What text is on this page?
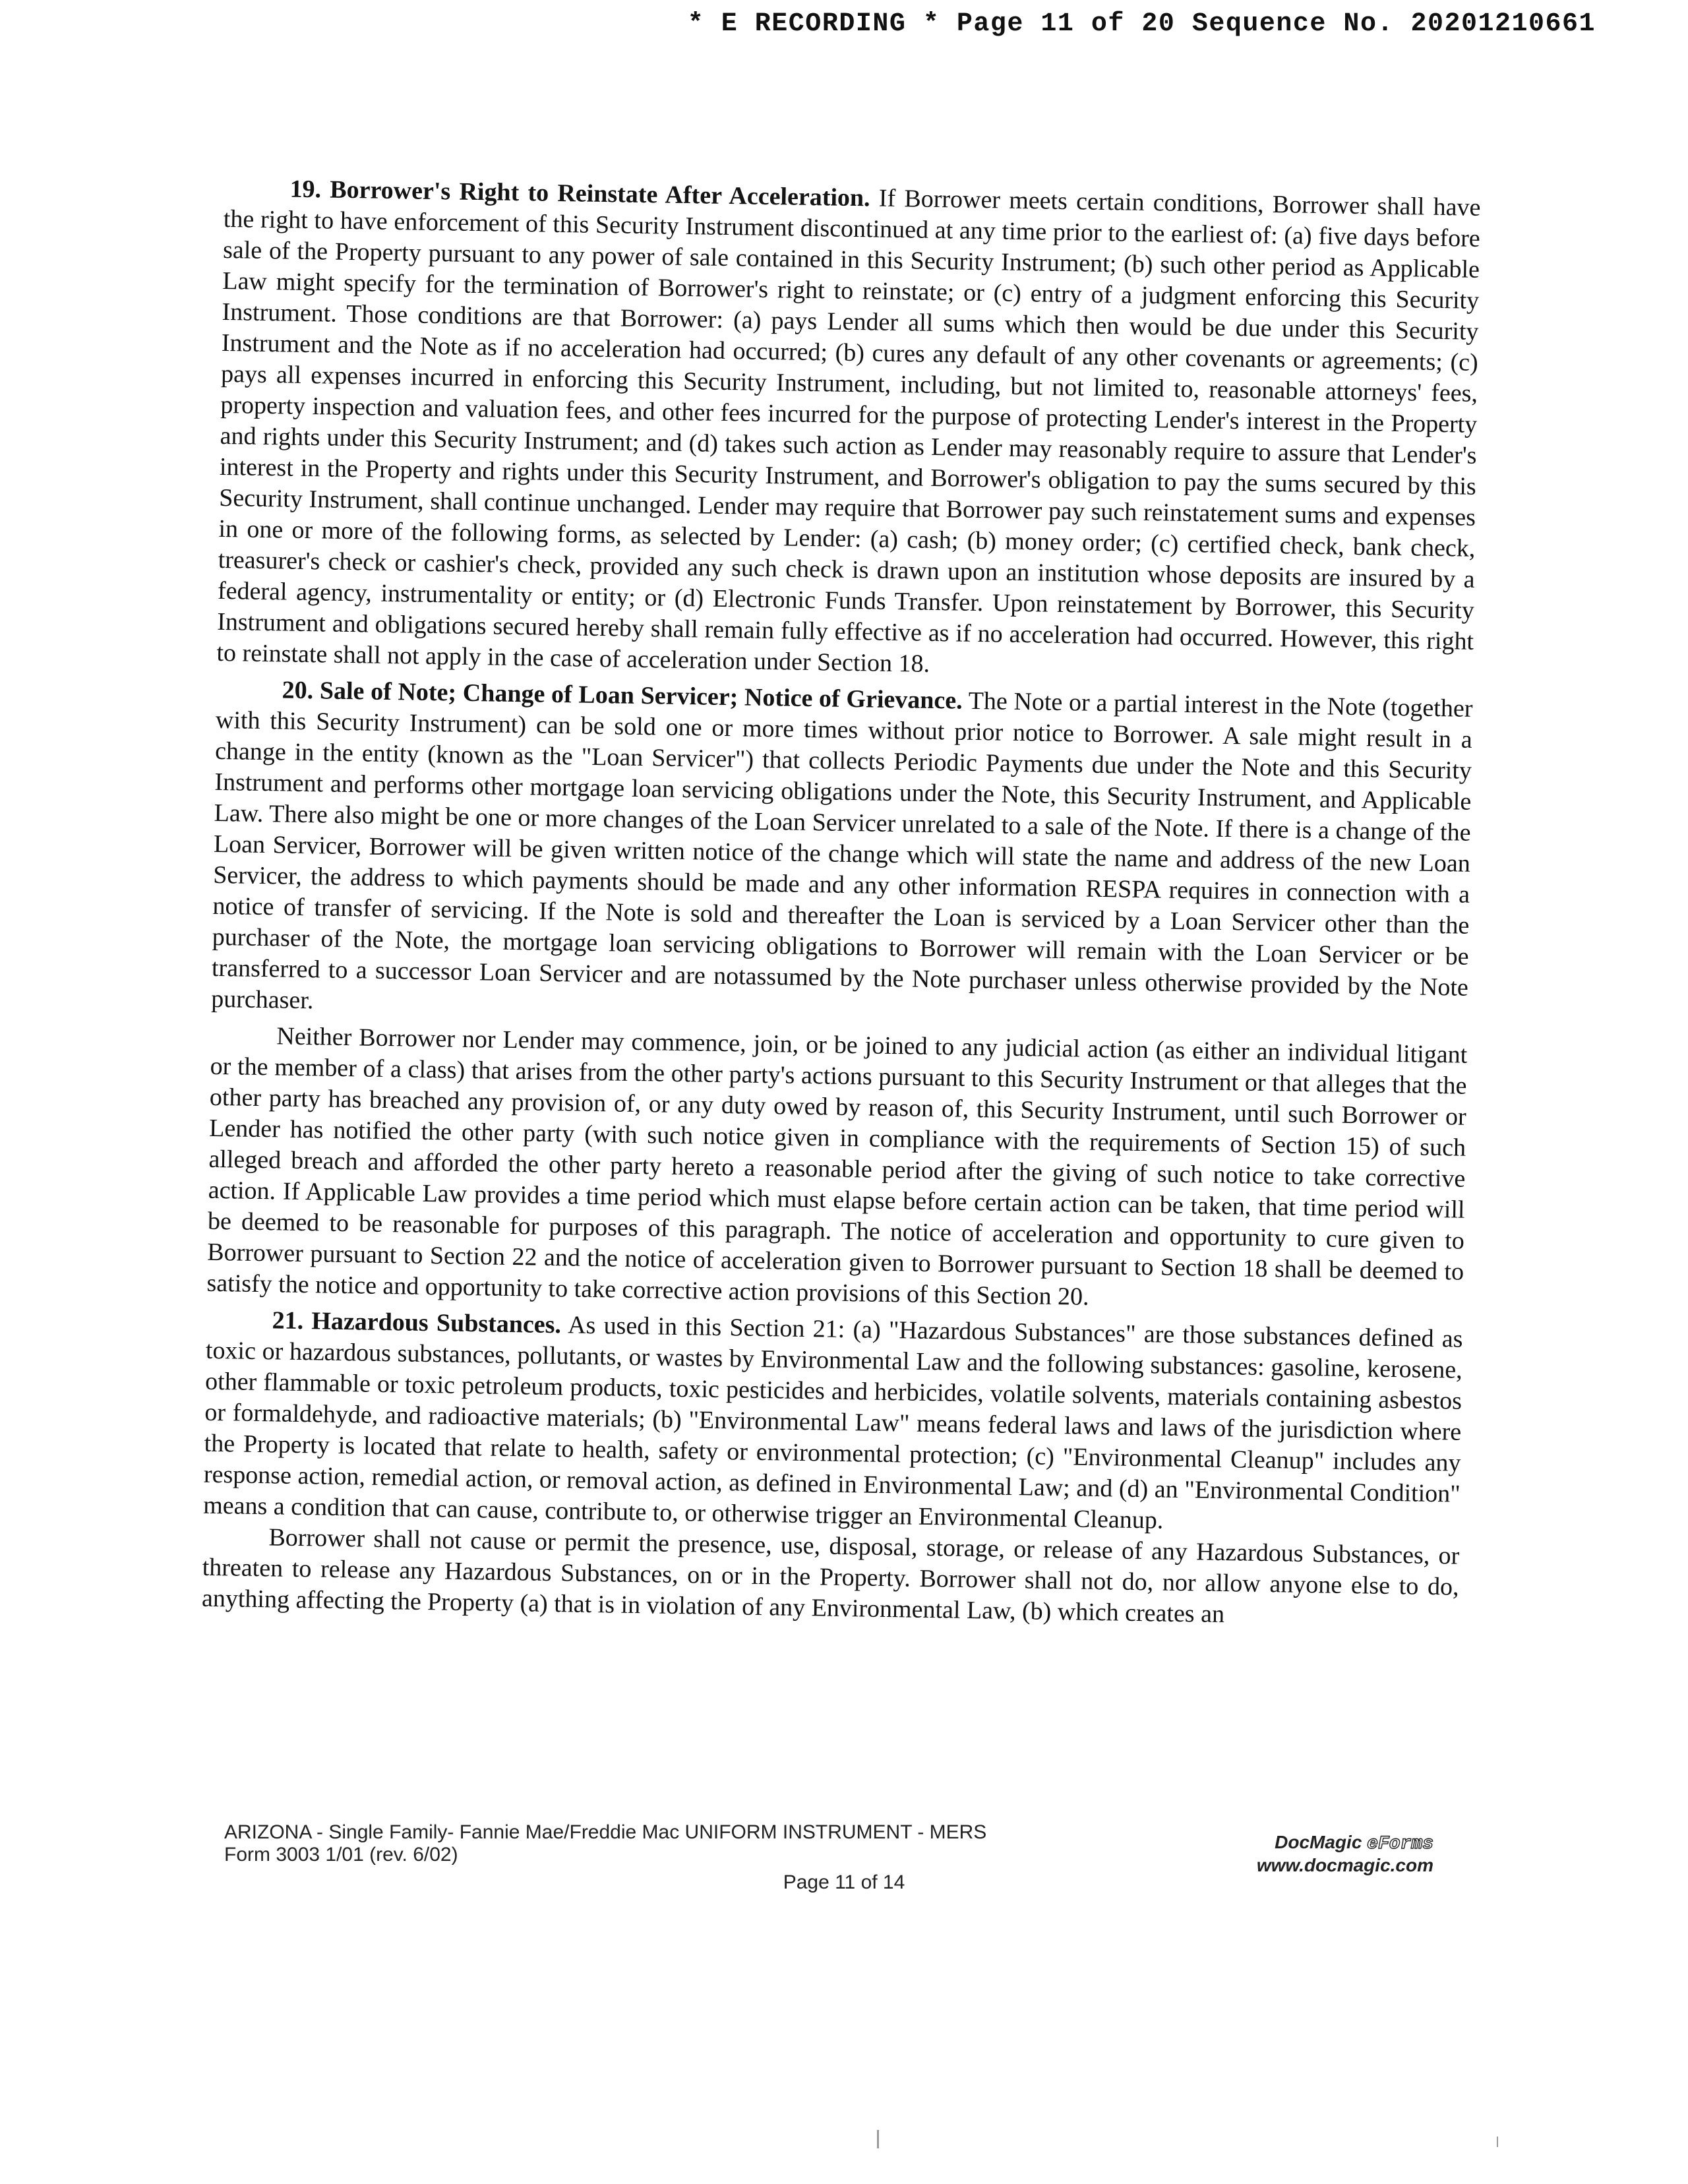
* E RECORDING * Page 11 of 20 Sequence No. 20201210661

19. Borrower's Right to Reinstate After Acceleration. If Borrower meets certain conditions, Borrower shall have the right to have enforcement of this Security Instrument discontinued at any time prior to the earliest of: (a) five days before sale of the Property pursuant to any power of sale contained in this Security Instrument; (b) such other period as Applicable Law might specify for the termination of Borrower's right to reinstate; or (c) entry of a judgment enforcing this Security Instrument. Those conditions are that Borrower: (a) pays Lender all sums which then would be due under this Security Instrument and the Note as if no acceleration had occurred; (b) cures any default of any other covenants or agreements; (c) pays all expenses incurred in enforcing this Security Instrument, including, but not limited to, reasonable attorneys' fees, property inspection and valuation fees, and other fees incurred for the purpose of protecting Lender's interest in the Property and rights under this Security Instrument; and (d) takes such action as Lender may reasonably require to assure that Lender's interest in the Property and rights under this Security Instrument, and Borrower's obligation to pay the sums secured by this Security Instrument, shall continue unchanged. Lender may require that Borrower pay such reinstatement sums and expenses in one or more of the following forms, as selected by Lender: (a) cash; (b) money order; (c) certified check, bank check, treasurer's check or cashier's check, provided any such check is drawn upon an institution whose deposits are insured by a federal agency, instrumentality or entity; or (d) Electronic Funds Transfer. Upon reinstatement by Borrower, this Security Instrument and obligations secured hereby shall remain fully effective as if no acceleration had occurred. However, this right to reinstate shall not apply in the case of acceleration under Section 18.

20. Sale of Note; Change of Loan Servicer; Notice of Grievance. The Note or a partial interest in the Note (together with this Security Instrument) can be sold one or more times without prior notice to Borrower. A sale might result in a change in the entity (known as the "Loan Servicer") that collects Periodic Payments due under the Note and this Security Instrument and performs other mortgage loan servicing obligations under the Note, this Security Instrument, and Applicable Law. There also might be one or more changes of the Loan Servicer unrelated to a sale of the Note. If there is a change of the Loan Servicer, Borrower will be given written notice of the change which will state the name and address of the new Loan Servicer, the address to which payments should be made and any other information RESPA requires in connection with a notice of transfer of servicing. If the Note is sold and thereafter the Loan is serviced by a Loan Servicer other than the purchaser of the Note, the mortgage loan servicing obligations to Borrower will remain with the Loan Servicer or be transferred to a successor Loan Servicer and are notassumed by the Note purchaser unless otherwise provided by the Note purchaser.

Neither Borrower nor Lender may commence, join, or be joined to any judicial action (as either an individual litigant or the member of a class) that arises from the other party's actions pursuant to this Security Instrument or that alleges that the other party has breached any provision of, or any duty owed by reason of, this Security Instrument, until such Borrower or Lender has notified the other party (with such notice given in compliance with the requirements of Section 15) of such alleged breach and afforded the other party hereto a reasonable period after the giving of such notice to take corrective action. If Applicable Law provides a time period which must elapse before certain action can be taken, that time period will be deemed to be reasonable for purposes of this paragraph. The notice of acceleration and opportunity to cure given to Borrower pursuant to Section 22 and the notice of acceleration given to Borrower pursuant to Section 18 shall be deemed to satisfy the notice and opportunity to take corrective action provisions of this Section 20.

21. Hazardous Substances. As used in this Section 21: (a) "Hazardous Substances" are those substances defined as toxic or hazardous substances, pollutants, or wastes by Environmental Law and the following substances: gasoline, kerosene, other flammable or toxic petroleum products, toxic pesticides and herbicides, volatile solvents, materials containing asbestos or formaldehyde, and radioactive materials; (b) "Environmental Law" means federal laws and laws of the jurisdiction where the Property is located that relate to health, safety or environmental protection; (c) "Environmental Cleanup" includes any response action, remedial action, or removal action, as defined in Environmental Law; and (d) an "Environmental Condition" means a condition that can cause, contribute to, or otherwise trigger an Environmental Cleanup.

Borrower shall not cause or permit the presence, use, disposal, storage, or release of any Hazardous Substances, or threaten to release any Hazardous Substances, on or in the Property. Borrower shall not do, nor allow anyone else to do, anything affecting the Property (a) that is in violation of any Environmental Law, (b) which creates an

ARIZONA - Single Family- Fannie Mae/Freddie Mac UNIFORM INSTRUMENT - MERS
Form 3003 1/01 (rev. 6/02)
DocMagic eForms
www.docmagic.com
Page 11 of 14
